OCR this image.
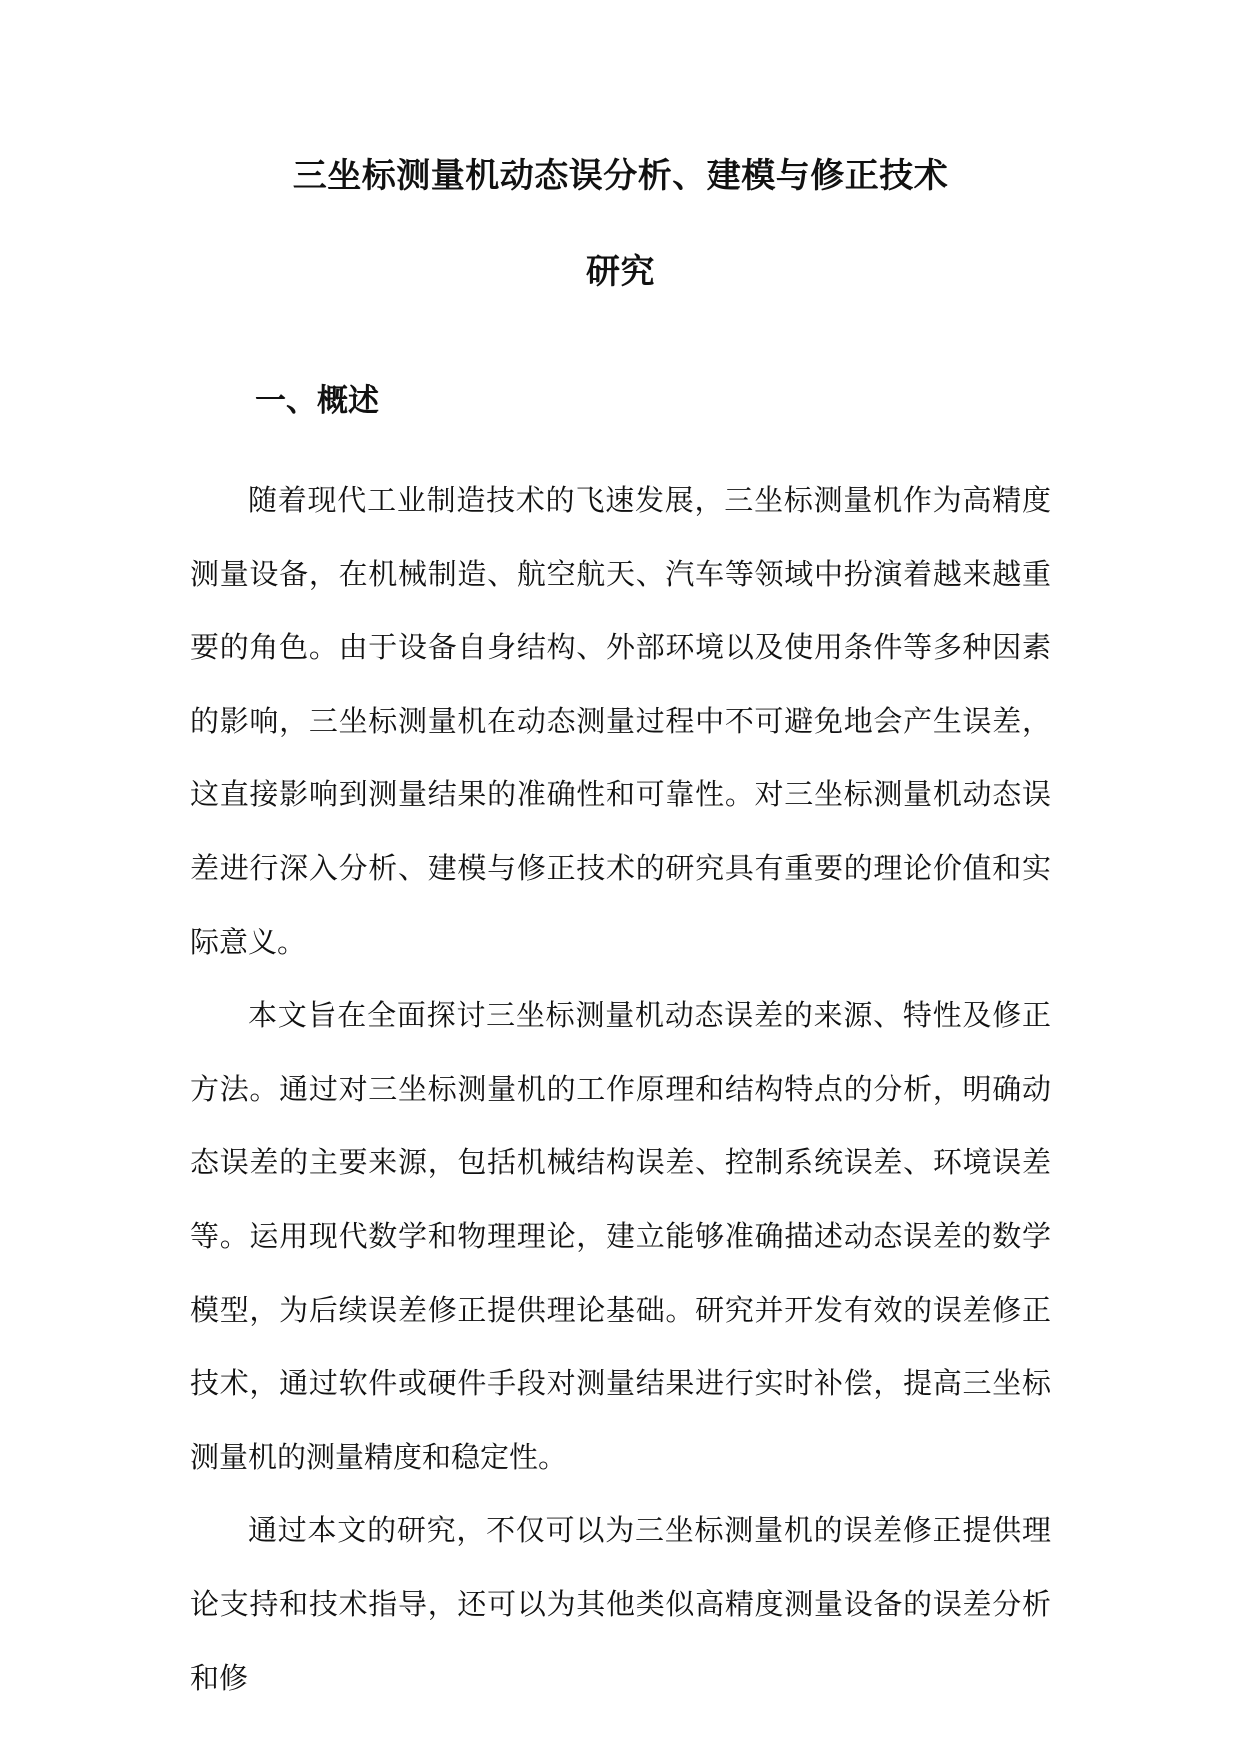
三坐标测量机动态误分析、建模与修正技术
研究
一、概述

随着现代工业制造技术的飞速发展，三坐标测量机作为高精度测量设备，在机械制造、航空航天、汽车等领域中扮演着越来越重要的角色。由于设备自身结构、外部环境以及使用条件等多种因素的影响，三坐标测量机在动态测量过程中不可避免地会产生误差，这直接影响到测量结果的准确性和可靠性。对三坐标测量机动态误差进行深入分析、建模与修正技术的研究具有重要的理论价值和实际意义。

本文旨在全面探讨三坐标测量机动态误差的来源、特性及修正方法。通过对三坐标测量机的工作原理和结构特点的分析，明确动态误差的主要来源，包括机械结构误差、控制系统误差、环境误差等。运用现代数学和物理理论，建立能够准确描述动态误差的数学模型，为后续误差修正提供理论基础。研究并开发有效的误差修正技术，通过软件或硬件手段对测量结果进行实时补偿，提高三坐标测量机的测量精度和稳定性。

通过本文的研究，不仅可以为三坐标测量机的误差修正提供理论支持和技术指导，还可以为其他类似高精度测量设备的误差分析和修
